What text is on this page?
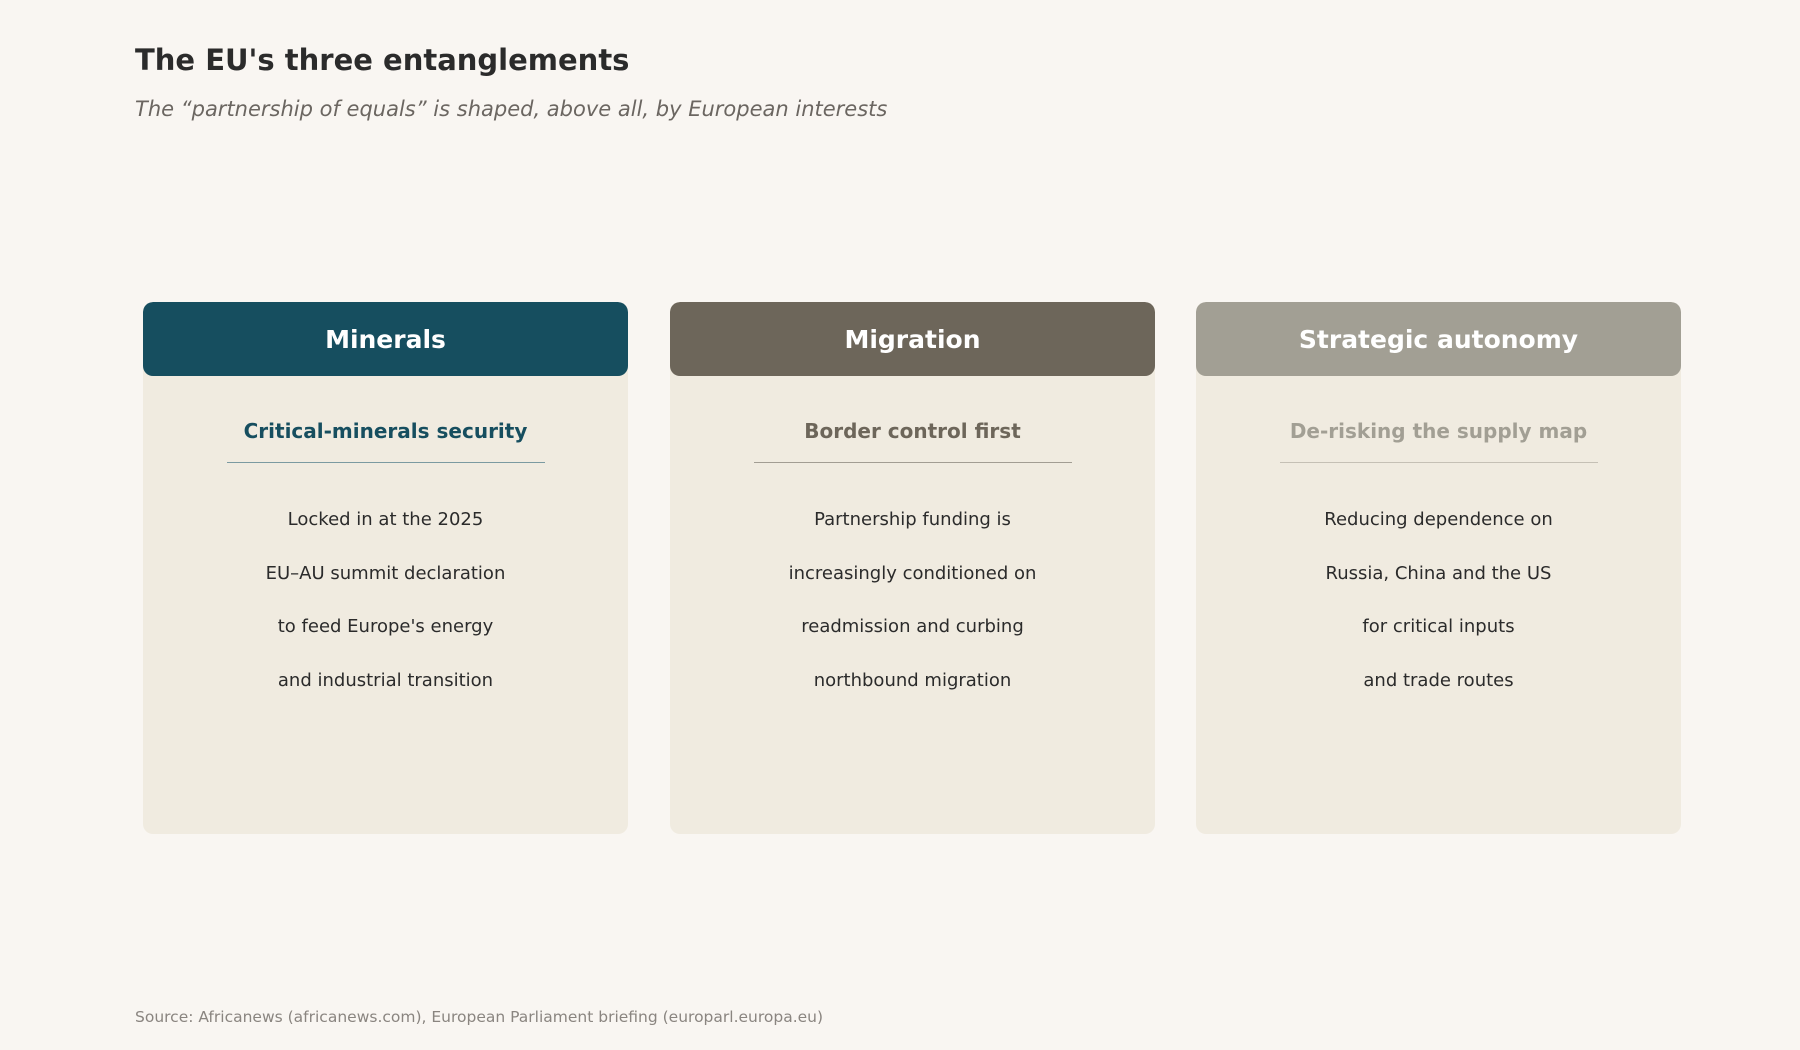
The EU's three entanglements

The “partnership of equals” is shaped, above all, by European interests

Minerals
Critical-minerals security
Locked in at the 2025
EU–AU summit declaration
to feed Europe's energy
and industrial transition
Migration
Border control first
Partnership funding is
increasingly conditioned on
readmission and curbing
northbound migration
Strategic autonomy
De-risking the supply map
Reducing dependence on
Russia, China and the US
for critical inputs
and trade routes

Source: Africanews (africanews.com), European Parliament briefing (europarl.europa.eu)
